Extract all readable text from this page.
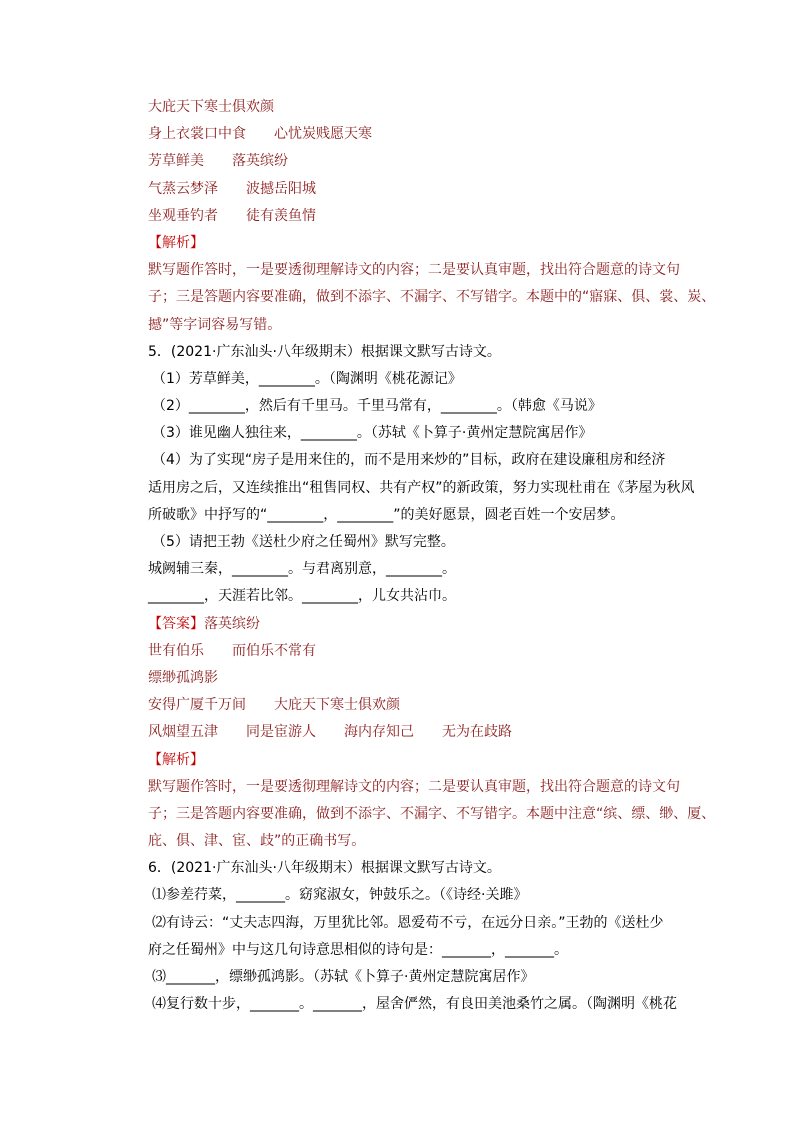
大庇天下寒士俱欢颜
身上衣裳口中食　　心忧炭贱愿天寒
芳草鲜美　　落英缤纷
气蒸云梦泽　　波撼岳阳城
坐观垂钓者　　徒有羡鱼情
【解析】
默写题作答时，一是要透彻理解诗文的内容；二是要认真审题，找出符合题意的诗文句
子；三是答题内容要准确，做到不添字、不漏字、不写错字。本题中的“寤寐、俱、裳、炭、
撼”等字词容易写错。
5．(2021·广东汕头·八年级期末）根据课文默写古诗文。
（1）芳草鲜美，________。（陶渊明《桃花源记》
（2）________，然后有千里马。千里马常有，________。（韩愈《马说》
（3）谁见幽人独往来，________。（苏轼《卜算子·黄州定慧院寓居作》
（4）为了实现“房子是用来住的，而不是用来炒的”目标，政府在建设廉租房和经济
适用房之后，又连续推出“租售同权、共有产权”的新政策，努力实现杜甫在《茅屋为秋风
所破歌》中抒写的“________，________”的美好愿景，圆老百姓一个安居梦。
（5）请把王勃《送杜少府之任蜀州》默写完整。
城阙辅三秦，________。与君离别意，________。
________，天涯若比邻。________，儿女共沾巾。
【答案】落英缤纷
世有伯乐　　而伯乐不常有
缥缈孤鸿影
安得广厦千万间　　大庇天下寒士俱欢颜
风烟望五津　　同是宦游人　　海内存知己　　无为在歧路
【解析】
默写题作答时，一是要透彻理解诗文的内容；二是要认真审题，找出符合题意的诗文句
子；三是答题内容要准确，做到不添字、不漏字、不写错字。本题中注意“缤、缥、缈、厦、
庇、俱、津、宦、歧”的正确书写。
6．(2021·广东汕头·八年级期末）根据课文默写古诗文。
⑴参差荇菜，_______。窈窕淑女，钟鼓乐之。（《诗经·关雎》
⑵有诗云：“丈夫志四海，万里犹比邻。恩爱苟不亏，在远分日亲。”王勃的《送杜少
府之任蜀州》中与这几句诗意思相似的诗句是：_______，_______。
⑶_______，缥缈孤鸿影。（苏轼《卜算子·黄州定慧院寓居作》
⑷复行数十步，_______。_______，屋舍俨然，有良田美池桑竹之属。（陶渊明《桃花
